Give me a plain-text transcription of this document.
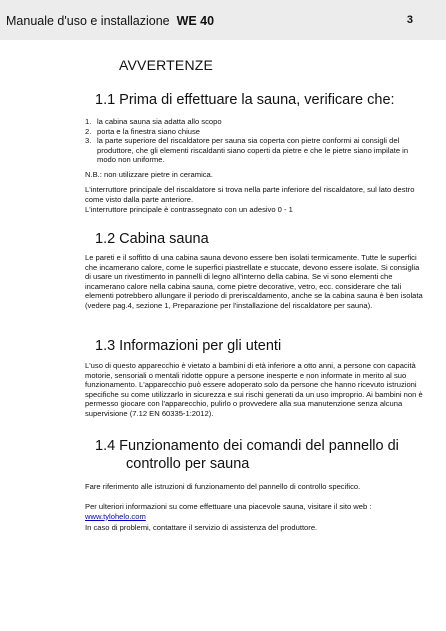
Manuale d'uso e installazione WE 40	3
AVVERTENZE
1.1 Prima di effettuare la sauna, verificare che:
1. la cabina sauna sia adatta allo scopo
2. porta e la finestra siano chiuse
3. la parte superiore del riscaldatore per sauna sia coperta con pietre conformi ai consigli del produttore, che gli elementi riscaldanti siano coperti da pietre e che le pietre siano impilate in modo non uniforme.
N.B.: non utilizzare pietre in ceramica.
L'interruttore principale del riscaldatore si trova nella parte inferiore del riscaldatore, sul lato destro come visto dalla parte anteriore.
L'interruttore principale è contrassegnato con un adesivo 0 - 1
1.2 Cabina sauna
Le pareti e il soffitto di una cabina sauna devono essere ben isolati termicamente. Tutte le superfici che incamerano calore, come le superfici piastrellate e stuccate, devono essere isolate. Si consiglia di usare un rivestimento in pannelli di legno all'interno della cabina. Se vi sono elementi che incamerano calore nella cabina sauna, come pietre decorative, vetro, ecc. considerare che tali elementi potrebbero allungare il periodo di preriscaldamento, anche se la cabina sauna è ben isolata (vedere pag.4, sezione 1, Preparazione per l'installazione del riscaldatore per sauna).
1.3 Informazioni per gli utenti
L'uso di questo apparecchio è vietato a bambini di età inferiore a otto anni, a persone con capacità motorie, sensoriali o mentali ridotte oppure a persone inesperte e non informate in merito al suo funzionamento. L'apparecchio può essere adoperato solo da persone che hanno ricevuto istruzioni specifiche su come utilizzarlo in sicurezza e sui rischi generati da un uso improprio. Ai bambini non è permesso giocare con l'apparecchio, pulirlo o provvedere alla sua manutenzione senza alcuna supervisione (7.12 EN 60335-1:2012).
1.4 Funzionamento dei comandi del pannello di
controllo per sauna
Fare riferimento alle istruzioni di funzionamento del pannello di controllo specifico.
Per ulteriori informazioni su come effettuare una piacevole sauna, visitare il sito web :
www.tylohelo.com
In caso di problemi, contattare il servizio di assistenza del produttore.
